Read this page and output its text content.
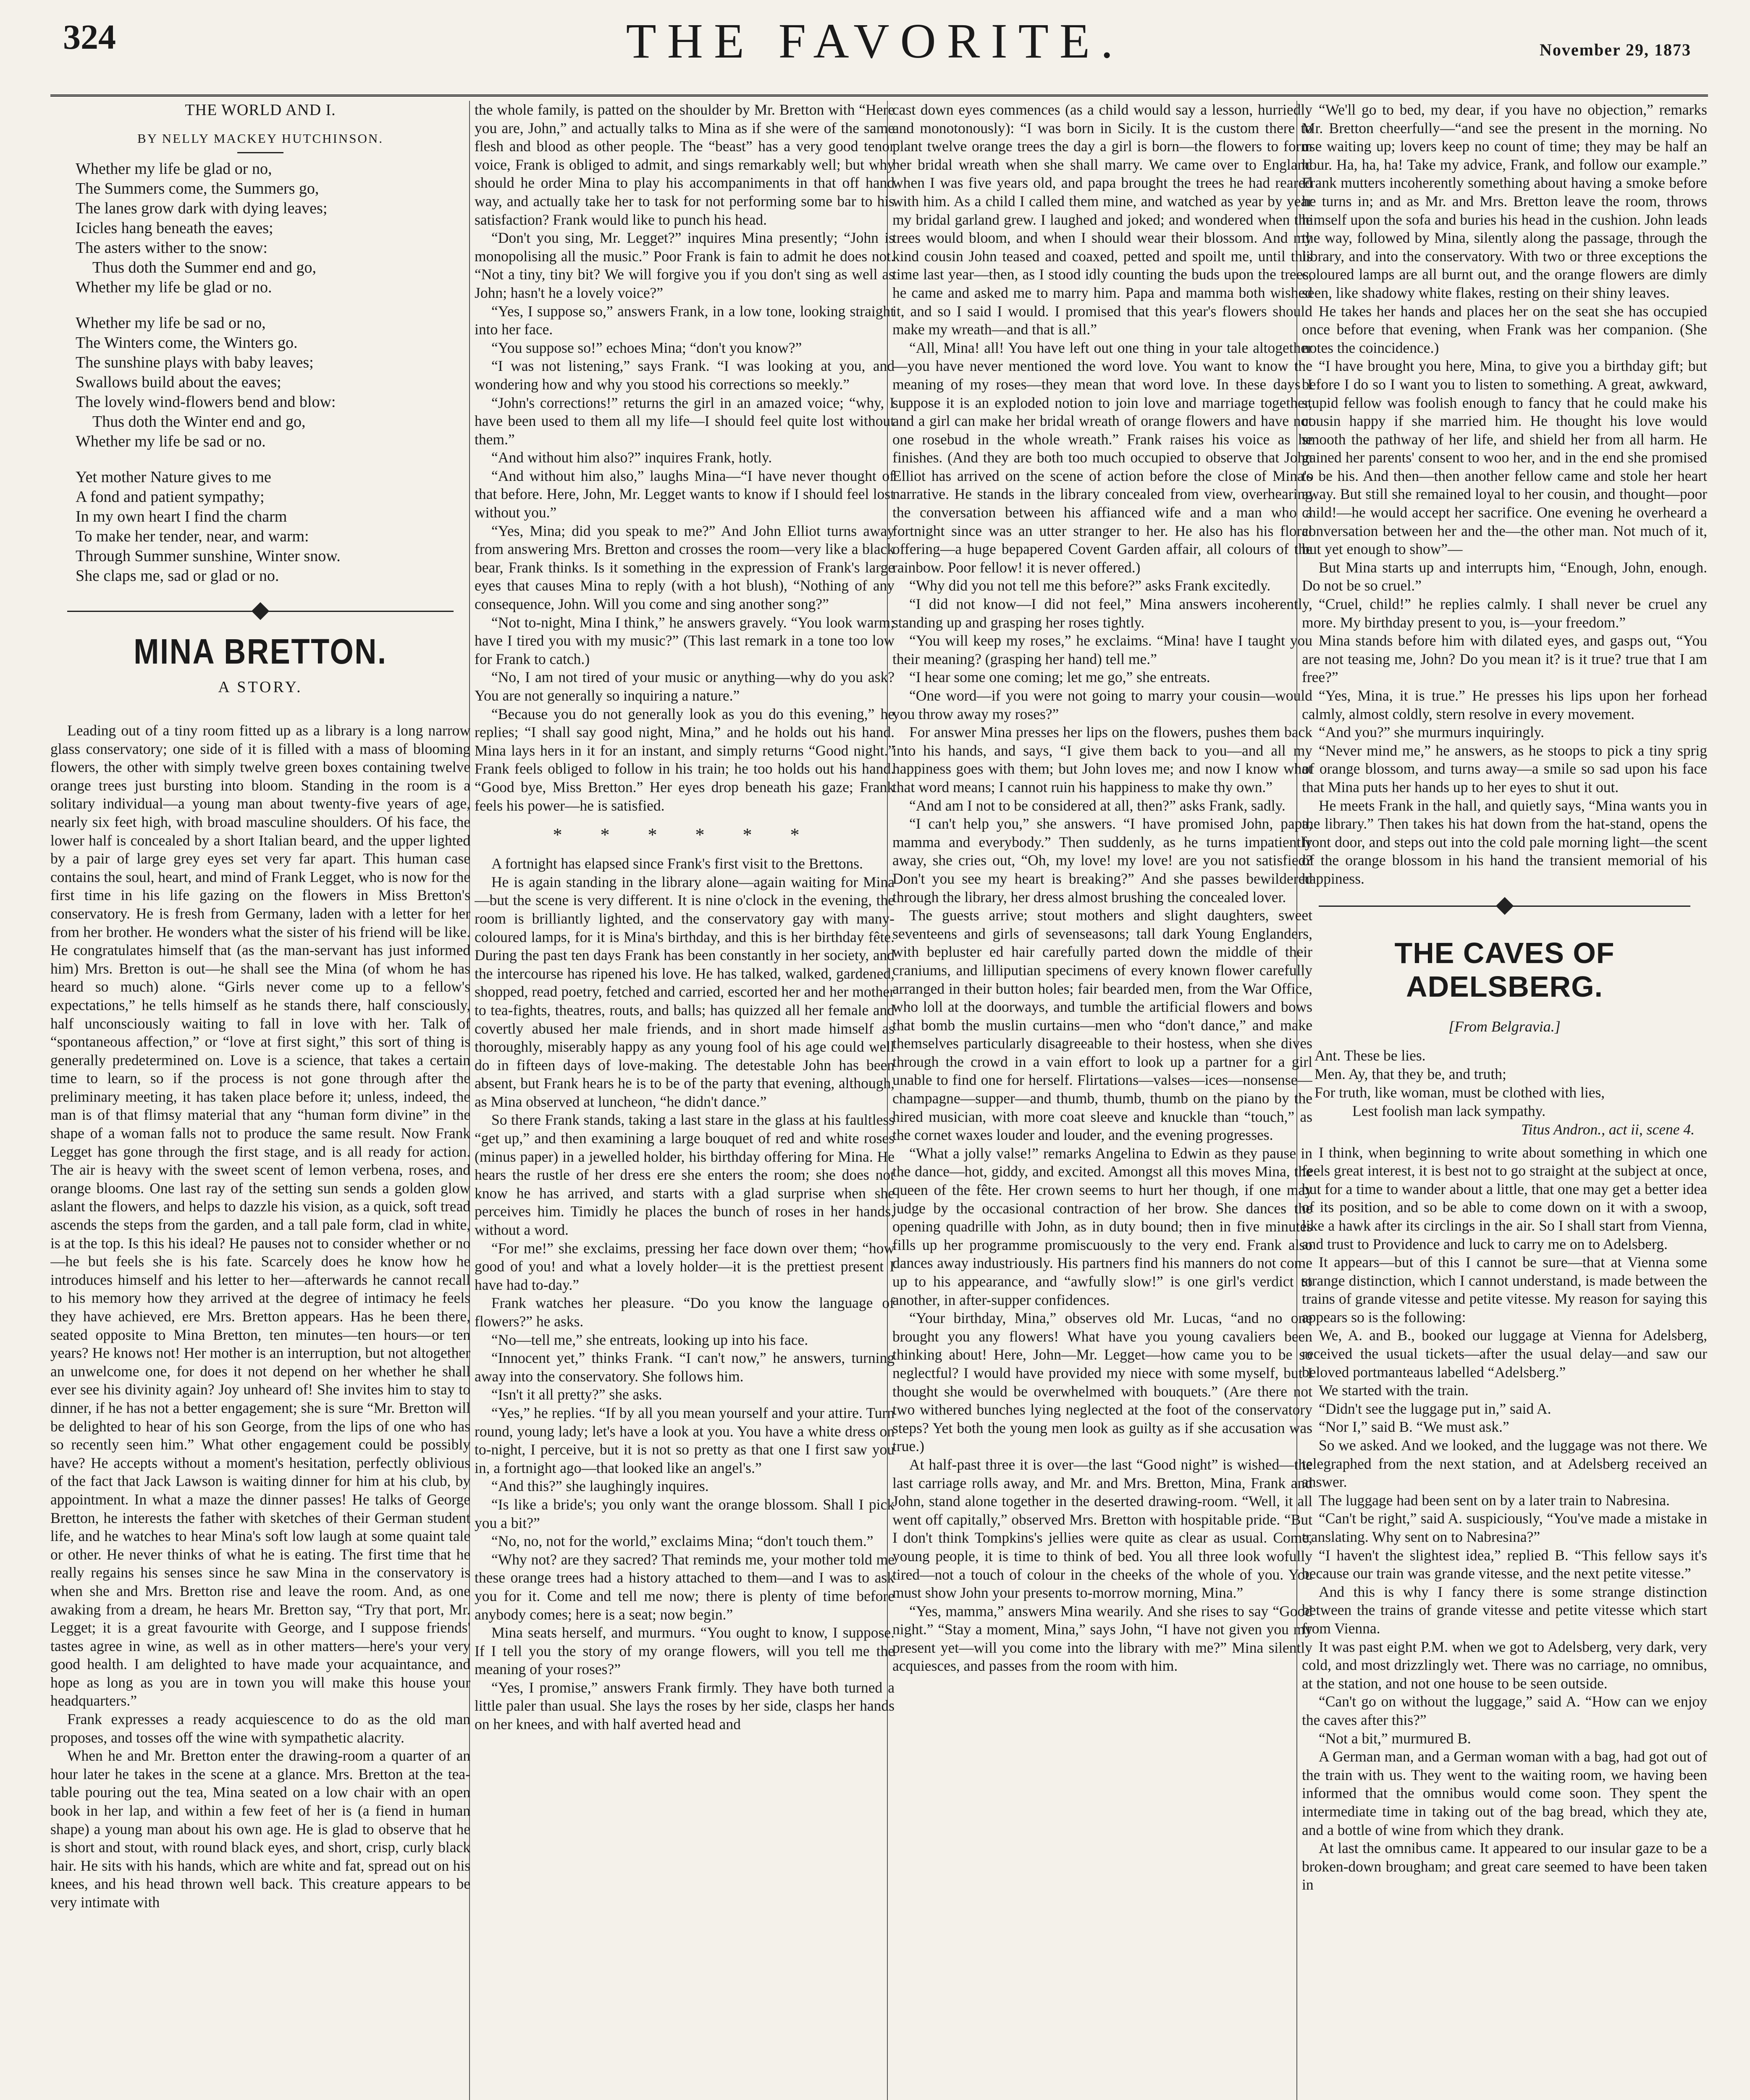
324	THE FAVORITE.	November 29, 1873
THE WORLD AND I.
BY NELLY MACKEY HUTCHINSON.
Whether my life be glad or no,
The Summers come, the Summers go,
The lanes grow dark with dying leaves;
Icicles hang beneath the eaves;
The asters wither to the snow:
Thus doth the Summer end and go,
Whether my life be glad or no.
Whether my life be sad or no,
The Winters come, the Winters go.
The sunshine plays with baby leaves;
Swallows build about the eaves;
The lovely wind-flowers bend and blow:
Thus doth the Winter end and go,
Whether my life be sad or no.
Yet mother Nature gives to me
A fond and patient sympathy;
In my own heart I find the charm
To make her tender, near, and warm:
Through Summer sunshine, Winter snow.
She claps me, sad or glad or no.
MINA BRETTON.
A STORY.

Leading out of a tiny room fitted up as a library is a long narrow glass conservatory; one side of it is filled with a mass of blooming flowers, the other with simply twelve green boxes containing twelve orange trees just bursting into bloom. Standing in the room is a solitary individual—a young man about twenty-five years of age, nearly six feet high, with broad masculine shoulders. Of his face, the lower half is concealed by a short Italian beard, and the upper lighted by a pair of large grey eyes set very far apart. This human case contains the soul, heart, and mind of Frank Legget, who is now for the first time in his life gazing on the flowers in Miss Bretton's conservatory. He is fresh from Germany, laden with a letter for her from her brother. He wonders what the sister of his friend will be like. He congratulates himself that (as the man-servant has just informed him) Mrs. Bretton is out—he shall see the Mina (of whom he has heard so much) alone. “Girls never come up to a fellow's expectations,” he tells himself as he stands there, half consciously, half unconsciously waiting to fall in love with her. Talk of “spontaneous affection,” or “love at first sight,” this sort of thing is generally predetermined on. Love is a science, that takes a certain time to learn, so if the process is not gone through after the preliminary meeting, it has taken place before it; unless, indeed, the man is of that flimsy material that any “human form divine” in the shape of a woman falls not to produce the same result. Now Frank Legget has gone through the first stage, and is all ready for action. The air is heavy with the sweet scent of lemon verbena, roses, and orange blooms. One last ray of the setting sun sends a golden glow aslant the flowers, and helps to dazzle his vision, as a quick, soft tread ascends the steps from the garden, and a tall pale form, clad in white, is at the top. Is this his ideal? He pauses not to consider whether or no—he but feels she is his fate. Scarcely does he know how he introduces himself and his letter to her—afterwards he cannot recall to his memory how they arrived at the degree of intimacy he feels they have achieved, ere Mrs. Bretton appears. Has he been there, seated opposite to Mina Bretton, ten minutes—ten hours—or ten years? He knows not! Her mother is an interruption, but not altogether an unwelcome one, for does it not depend on her whether he shall ever see his divinity again? Joy unheard of! She invites him to stay to dinner, if he has not a better engagement; she is sure “Mr. Bretton will be delighted to hear of his son George, from the lips of one who has so recently seen him.” What other engagement could be possibly have? He accepts without a moment's hesitation, perfectly oblivious of the fact that Jack Lawson is waiting dinner for him at his club, by appointment. In what a maze the dinner passes! He talks of George Bretton, he interests the father with sketches of their German student life, and he watches to hear Mina's soft low laugh at some quaint tale or other. He never thinks of what he is eating. The first time that he really regains his senses since he saw Mina in the conservatory is when she and Mrs. Bretton rise and leave the room. And, as one awaking from a dream, he hears Mr. Bretton say, “Try that port, Mr. Legget; it is a great favourite with George, and I suppose friends' tastes agree in wine, as well as in other matters—here's your very good health. I am delighted to have made your acquaintance, and hope as long as you are in town you will make this house your headquarters.”

Frank expresses a ready acquiescence to do as the old man proposes, and tosses off the wine with sympathetic alacrity.

When he and Mr. Bretton enter the drawing-room a quarter of an hour later he takes in the scene at a glance. Mrs. Bretton at the tea-table pouring out the tea, Mina seated on a low chair with an open book in her lap, and within a few feet of her is (a fiend in human shape) a young man about his own age. He is glad to observe that he is short and stout, with round black eyes, and short, crisp, curly black hair. He sits with his hands, which are white and fat, spread out on his knees, and his head thrown well back. This creature appears to be very intimate with

the whole family, is patted on the shoulder by Mr. Bretton with “Here you are, John,” and actually talks to Mina as if she were of the same flesh and blood as other people. The “beast” has a very good tenor voice, Frank is obliged to admit, and sings remarkably well; but why should he order Mina to play his accompaniments in that off hand way, and actually take her to task for not performing some bar to his satisfaction? Frank would like to punch his head.

“Don't you sing, Mr. Legget?” inquires Mina presently; “John is monopolising all the music.” Poor Frank is fain to admit he does not. “Not a tiny, tiny bit? We will forgive you if you don't sing as well as John; hasn't he a lovely voice?”

“Yes, I suppose so,” answers Frank, in a low tone, looking straight into her face.

“You suppose so!” echoes Mina; “don't you know?”

“I was not listening,” says Frank. “I was looking at you, and wondering how and why you stood his corrections so meekly.”

“John's corrections!” returns the girl in an amazed voice; “why, I have been used to them all my life—I should feel quite lost without them.”

“And without him also?” inquires Frank, hotly.

“And without him also,” laughs Mina—“I have never thought of that before. Here, John, Mr. Legget wants to know if I should feel lost without you.”

“Yes, Mina; did you speak to me?” And John Elliot turns away from answering Mrs. Bretton and crosses the room—very like a black bear, Frank thinks. Is it something in the expression of Frank's large eyes that causes Mina to reply (with a hot blush), “Nothing of any consequence, John. Will you come and sing another song?”

“Not to-night, Mina I think,” he answers gravely. “You look warm; have I tired you with my music?” (This last remark in a tone too low for Frank to catch.)

“No, I am not tired of your music or anything—why do you ask? You are not generally so inquiring a nature.”

“Because you do not generally look as you do this evening,” he replies; “I shall say good night, Mina,” and he holds out his hand. Mina lays hers in it for an instant, and simply returns “Good night.” Frank feels obliged to follow in his train; he too holds out his hand. “Good bye, Miss Bretton.” Her eyes drop beneath his gaze; Frank feels his power—he is satisfied.

* * * * * *

A fortnight has elapsed since Frank's first visit to the Brettons.

He is again standing in the library alone—again waiting for Mina—but the scene is very different. It is nine o'clock in the evening, the room is brilliantly lighted, and the conservatory gay with many-coloured lamps, for it is Mina's birthday, and this is her birthday fête. During the past ten days Frank has been constantly in her society, and the intercourse has ripened his love. He has talked, walked, gardened, shopped, read poetry, fetched and carried, escorted her and her mother to tea-fights, theatres, routs, and balls; has quizzed all her female and covertly abused her male friends, and in short made himself as thoroughly, miserably happy as any young fool of his age could well do in fifteen days of love-making. The detestable John has been absent, but Frank hears he is to be of the party that evening, although, as Mina observed at luncheon, “he didn't dance.”

So there Frank stands, taking a last stare in the glass at his faultless “get up,” and then examining a large bouquet of red and white roses (minus paper) in a jewelled holder, his birthday offering for Mina. He hears the rustle of her dress ere she enters the room; she does not know he has arrived, and starts with a glad surprise when she perceives him. Timidly he places the bunch of roses in her hands, without a word.

“For me!” she exclaims, pressing her face down over them; “how good of you! and what a lovely holder—it is the prettiest present I have had to-day.”

Frank watches her pleasure. “Do you know the language of flowers?” he asks.

“No—tell me,” she entreats, looking up into his face.

“Innocent yet,” thinks Frank. “I can't now,” he answers, turning away into the conservatory. She follows him.

“Isn't it all pretty?” she asks.

“Yes,” he replies. “If by all you mean yourself and your attire. Turn round, young lady; let's have a look at you. You have a white dress on to-night, I perceive, but it is not so pretty as that one I first saw you in, a fortnight ago—that looked like an angel's.”

“And this?” she laughingly inquires.

“Is like a bride's; you only want the orange blossom. Shall I pick you a bit?”

“No, no, not for the world,” exclaims Mina; “don't touch them.”

“Why not? are they sacred? That reminds me, your mother told me these orange trees had a history attached to them—and I was to ask you for it. Come and tell me now; there is plenty of time before anybody comes; here is a seat; now begin.”

Mina seats herself, and murmurs. “You ought to know, I suppose. If I tell you the story of my orange flowers, will you tell me the meaning of your roses?”

“Yes, I promise,” answers Frank firmly. They have both turned a little paler than usual. She lays the roses by her side, clasps her hands on her knees, and with half averted head and

cast down eyes commences (as a child would say a lesson, hurriedly and monotonously): “I was born in Sicily. It is the custom there to plant twelve orange trees the day a girl is born—the flowers to form her bridal wreath when she shall marry. We came over to England when I was five years old, and papa brought the trees he had reared with him. As a child I called them mine, and watched as year by year my bridal garland grew. I laughed and joked; and wondered when the trees would bloom, and when I should wear their blossom. And my kind cousin John teased and coaxed, petted and spoilt me, until this time last year—then, as I stood idly counting the buds upon the trees, he came and asked me to marry him. Papa and mamma both wished it, and so I said I would. I promised that this year's flowers should make my wreath—and that is all.”

“All, Mina! all! You have left out one thing in your tale altogether—you have never mentioned the word love. You want to know the meaning of my roses—they mean that word love. In these days I suppose it is an exploded notion to join love and marriage together, and a girl can make her bridal wreath of orange flowers and have not one rosebud in the whole wreath.” Frank raises his voice as he finishes. (And they are both too much occupied to observe that John Elliot has arrived on the scene of action before the close of Mina's narrative. He stands in the library concealed from view, overhearing the conversation between his affianced wife and a man who a fortnight since was an utter stranger to her. He also has his floral offering—a huge bepapered Covent Garden affair, all colours of the rainbow. Poor fellow! it is never offered.)

“Why did you not tell me this before?” asks Frank excitedly.

“I did not know—I did not feel,” Mina answers incoherently, standing up and grasping her roses tightly.

“You will keep my roses,” he exclaims. “Mina! have I taught you their meaning? (grasping her hand) tell me.”

“I hear some one coming; let me go,” she entreats.

“One word—if you were not going to marry your cousin—would you throw away my roses?”

For answer Mina presses her lips on the flowers, pushes them back into his hands, and says, “I give them back to you—and all my happiness goes with them; but John loves me; and now I know what that word means; I cannot ruin his happiness to make thy own.”

“And am I not to be considered at all, then?” asks Frank, sadly.

“I can't help you,” she answers. “I have promised John, papa, mamma and everybody.” Then suddenly, as he turns impatiently away, she cries out, “Oh, my love! my love! are you not satisfied? Don't you see my heart is breaking?” And she passes bewildered through the library, her dress almost brushing the concealed lover.

The guests arrive; stout mothers and slight daughters, sweet seventeens and girls of sevenseasons; tall dark Young Englanders, with bepluster ed hair carefully parted down the middle of their craniums, and lilliputian specimens of every known flower carefully arranged in their button holes; fair bearded men, from the War Office, who loll at the doorways, and tumble the artificial flowers and bows that bomb the muslin curtains—men who “don't dance,” and make themselves particularly disagreeable to their hostess, when she dives through the crowd in a vain effort to look up a partner for a girl unable to find one for herself. Flirtations—valses—ices—nonsense—champagne—supper—and thumb, thumb, thumb on the piano by the hired musician, with more coat sleeve and knuckle than “touch,” as the cornet waxes louder and louder, and the evening progresses.

“What a jolly valse!” remarks Angelina to Edwin as they pause in the dance—hot, giddy, and excited. Amongst all this moves Mina, the queen of the fête. Her crown seems to hurt her though, if one may judge by the occasional contraction of her brow. She dances the opening quadrille with John, as in duty bound; then in five minutes fills up her programme promiscuously to the very end. Frank also dances away industriously. His partners find his manners do not come up to his appearance, and “awfully slow!” is one girl's verdict to another, in after-supper confidences.

“Your birthday, Mina,” observes old Mr. Lucas, “and no one brought you any flowers! What have you young cavaliers been thinking about! Here, John—Mr. Legget—how came you to be so neglectful? I would have provided my niece with some myself, but I thought she would be overwhelmed with bouquets.” (Are there not two withered bunches lying neglected at the foot of the conservatory steps? Yet both the young men look as guilty as if she accusation was true.)

At half-past three it is over—the last “Good night” is wished—the last carriage rolls away, and Mr. and Mrs. Bretton, Mina, Frank and John, stand alone together in the deserted drawing-room. “Well, it all went off capitally,” observed Mrs. Bretton with hospitable pride. “But I don't think Tompkins's jellies were quite as clear as usual. Come, young people, it is time to think of bed. You all three look wofully tired—not a touch of colour in the cheeks of the whole of you. You must show John your presents to-morrow morning, Mina.”

“Yes, mamma,” answers Mina wearily. And she rises to say “Good night.” “Stay a moment, Mina,” says John, “I have not given you my present yet—will you come into the library with me?” Mina silently acquiesces, and passes from the room with him.

“We'll go to bed, my dear, if you have no objection,” remarks Mr. Bretton cheerfully—“and see the present in the morning. No use waiting up; lovers keep no count of time; they may be half an hour. Ha, ha, ha! Take my advice, Frank, and follow our example.” Frank mutters incoherently something about having a smoke before he turns in; and as Mr. and Mrs. Bretton leave the room, throws himself upon the sofa and buries his head in the cushion. John leads the way, followed by Mina, silently along the passage, through the library, and into the conservatory. With two or three exceptions the coloured lamps are all burnt out, and the orange flowers are dimly seen, like shadowy white flakes, resting on their shiny leaves.

He takes her hands and places her on the seat she has occupied once before that evening, when Frank was her companion. (She notes the coincidence.)

“I have brought you here, Mina, to give you a birthday gift; but before I do so I want you to listen to something. A great, awkward, stupid fellow was foolish enough to fancy that he could make his cousin happy if she married him. He thought his love would smooth the pathway of her life, and shield her from all harm. He gained her parents' consent to woo her, and in the end she promised to be his. And then—then another fellow came and stole her heart away. But still she remained loyal to her cousin, and thought—poor child!—he would accept her sacrifice. One evening he overheard a conversation between her and the—the other man. Not much of it, but yet enough to show”—

But Mina starts up and interrupts him, “Enough, John, enough. Do not be so cruel.”

“Cruel, child!” he replies calmly. I shall never be cruel any more. My birthday present to you, is—your freedom.”

Mina stands before him with dilated eyes, and gasps out, “You are not teasing me, John? Do you mean it? is it true? true that I am free?”

“Yes, Mina, it is true.” He presses his lips upon her forhead calmly, almost coldly, stern resolve in every movement.

“And you?” she murmurs inquiringly.

“Never mind me,” he answers, as he stoops to pick a tiny sprig of orange blossom, and turns away—a smile so sad upon his face that Mina puts her hands up to her eyes to shut it out.

He meets Frank in the hall, and quietly says, “Mina wants you in the library.” Then takes his hat down from the hat-stand, opens the front door, and steps out into the cold pale morning light—the scent of the orange blossom in his hand the transient memorial of his happiness.

THE CAVES OF ADELSBERG.
[From Belgravia.]
Ant. These be lies.
Men. Ay, that they be, and truth;
For truth, like woman, must be clothed with lies,
Lest foolish man lack sympathy.
Titus Andron., act ii, scene 4.

I think, when beginning to write about something in which one feels great interest, it is best not to go straight at the subject at once, but for a time to wander about a little, that one may get a better idea of its position, and so be able to come down on it with a swoop, like a hawk after its circlings in the air. So I shall start from Vienna, and trust to Providence and luck to carry me on to Adelsberg.

It appears—but of this I cannot be sure—that at Vienna some strange distinction, which I cannot understand, is made between the trains of grande vitesse and petite vitesse. My reason for saying this appears so is the following:

We, A. and B., booked our luggage at Vienna for Adelsberg, received the usual tickets—after the usual delay—and saw our beloved portmanteaus labelled “Adelsberg.”

We started with the train.

“Didn't see the luggage put in,” said A.

“Nor I,” said B. “We must ask.”

So we asked. And we looked, and the luggage was not there. We telegraphed from the next station, and at Adelsberg received an answer.

The luggage had been sent on by a later train to Nabresina.

“Can't be right,” said A. suspiciously, “You've made a mistake in translating. Why sent on to Nabresina?”

“I haven't the slightest idea,” replied B. “This fellow says it's because our train was grande vitesse, and the next petite vitesse.”

And this is why I fancy there is some strange distinction between the trains of grande vitesse and petite vitesse which start from Vienna.

It was past eight P.M. when we got to Adelsberg, very dark, very cold, and most drizzlingly wet. There was no carriage, no omnibus, at the station, and not one house to be seen outside.

“Can't go on without the luggage,” said A. “How can we enjoy the caves after this?”

“Not a bit,” murmured B.

A German man, and a German woman with a bag, had got out of the train with us. They went to the waiting room, we having been informed that the omnibus would come soon. They spent the intermediate time in taking out of the bag bread, which they ate, and a bottle of wine from which they drank.

At last the omnibus came. It appeared to our insular gaze to be a broken-down brougham; and great care seemed to have been taken in
